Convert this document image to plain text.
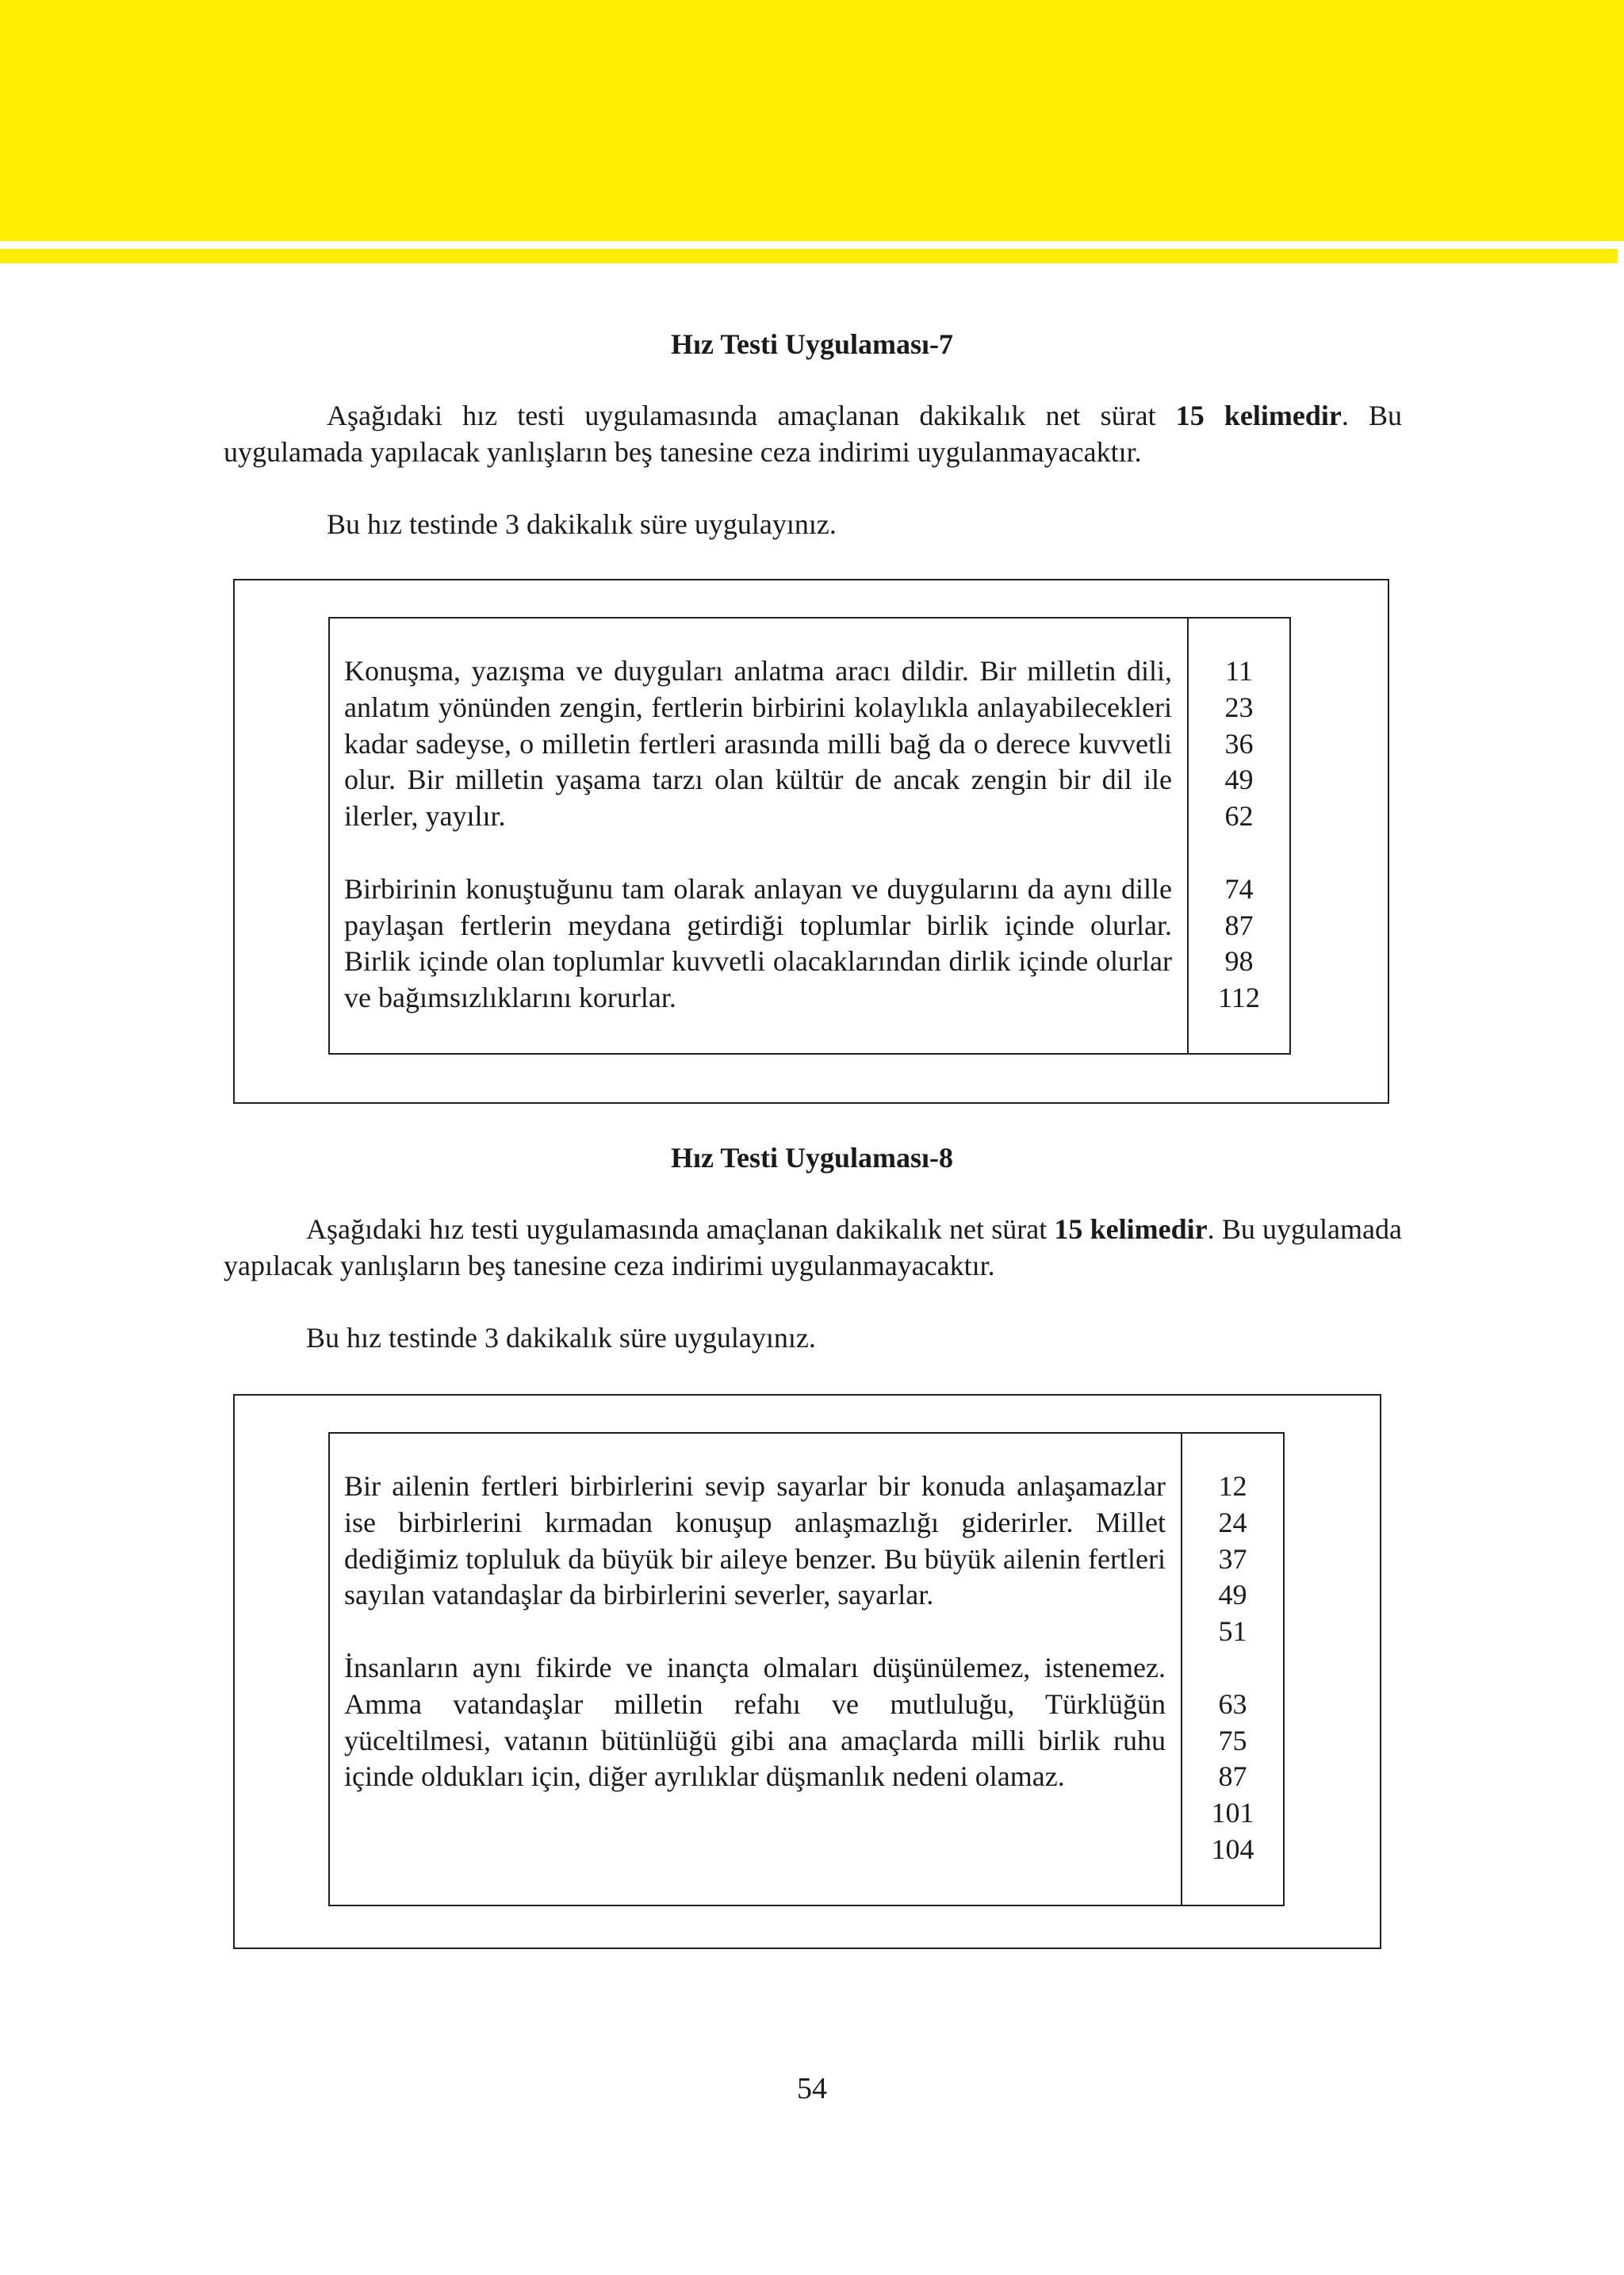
Hız Testi Uygulaması-7
Aşağıdaki hız testi uygulamasında amaçlanan dakikalık net sürat 15 kelimedir. Bu uygulamada yapılacak yanlışların beş tanesine ceza indirimi uygulanmayacaktır.
Bu hız testinde 3 dakikalık süre uygulayınız.

Konuşma, yazışma ve duyguları anlatma aracı dildir. Bir milletin dili, anlatım yönünden zengin, fertlerin birbirini kolaylıkla anlayabilecekleri kadar sadeyse, o milletin fertleri arasında milli bağ da o derece kuvvetli olur. Bir milletin yaşama tarzı olan kültür de ancak zengin bir dil ile ilerler, yayılır.

Birbirinin konuştuğunu tam olarak anlayan ve duygularını da aynı dille paylaşan fertlerin meydana getirdiği toplumlar birlik içinde olurlar. Birlik içinde olan toplumlar kuvvetli olacaklarından dirlik içinde olurlar ve bağımsızlıklarını korurlar.

11
23
36
49
62
74
87
98
112
Hız Testi Uygulaması-8
Aşağıdaki hız testi uygulamasında amaçlanan dakikalık net sürat 15 kelimedir. Bu uygulamada yapılacak yanlışların beş tanesine ceza indirimi uygulanmayacaktır.
Bu hız testinde 3 dakikalık süre uygulayınız.

Bir ailenin fertleri birbirlerini sevip sayarlar bir konuda anlaşamazlar ise birbirlerini kırmadan konuşup anlaşmazlığı giderirler. Millet dediğimiz topluluk da büyük bir aileye benzer. Bu büyük ailenin fertleri sayılan vatandaşlar da birbirlerini severler, sayarlar.

İnsanların aynı fikirde ve inançta olmaları düşünülemez, istenemez. Amma vatandaşlar milletin refahı ve mutluluğu, Türklüğün yüceltilmesi, vatanın bütünlüğü gibi ana amaçlarda milli birlik ruhu içinde oldukları için, diğer ayrılıklar düşmanlık nedeni olamaz.

12
24
37
49
51
63
75
87
101
104
54
